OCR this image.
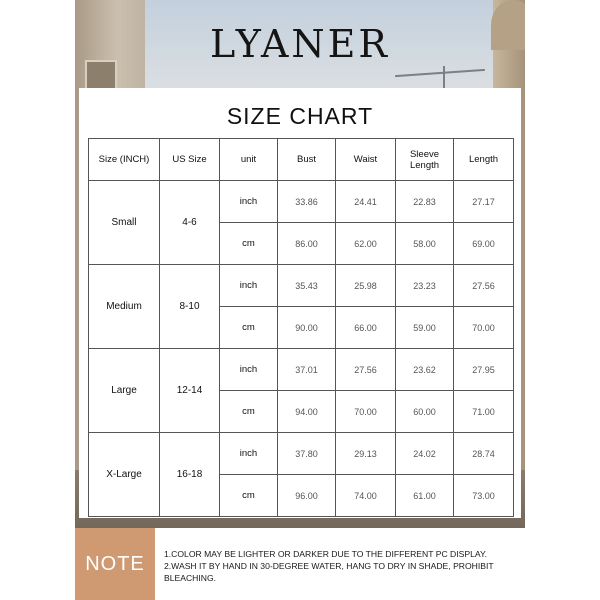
LYANER
SIZE CHART
Size (INCH)	US Size	unit	Bust	Waist	Sleeve Length	Length
Small	4-6	inch	33.86	24.41	22.83	27.17
		cm	86.00	62.00	58.00	69.00
Medium	8-10	inch	35.43	25.98	23.23	27.56
		cm	90.00	66.00	59.00	70.00
Large	12-14	inch	37.01	27.56	23.62	27.95
		cm	94.00	70.00	60.00	71.00
X-Large	16-18	inch	37.80	29.13	24.02	28.74
		cm	96.00	74.00	61.00	73.00
NOTE	1.COLOR MAY BE LIGHTER OR DARKER DUE TO THE DIFFERENT PC DISPLAY.
2.WASH IT BY HAND IN 30-DEGREE WATER, HANG TO DRY IN SHADE, PROHIBIT BLEACHING.
